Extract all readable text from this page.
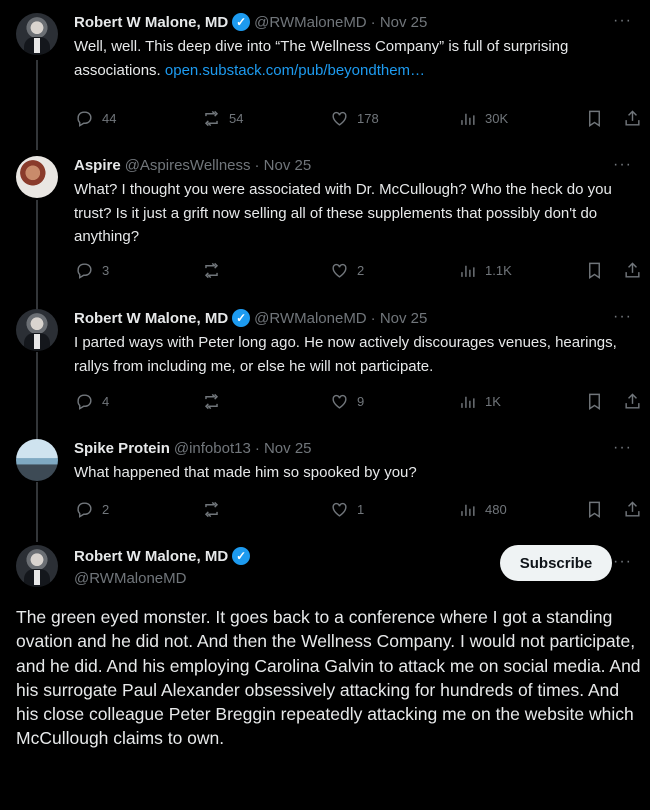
Robert W Malone, MD ✓ @RWMaloneMD · Nov 25	···
Well, well. This deep dive into “The Wellness Company” is full of surprising associations. open.substack.com/pub/beyondthem…
44	54	178	30K
Aspire @AspiresWellness · Nov 25	···
What? I thought you were associated with Dr. McCullough? Who the heck do you trust? Is it just a grift now selling all of these supplements that possibly don't do anything?
3	2	1.1K
Robert W Malone, MD ✓ @RWMaloneMD · Nov 25	···
I parted ways with Peter long ago. He now actively discourages venues, hearings, rallys from including me, or else he will not participate.
4	9	1K
Spike Protein @infobot13 · Nov 25	···
What happened that made him so spooked by you?
2	1	480
Robert W Malone, MD ✓
@RWMaloneMD
Subscribe	···
The green eyed monster. It goes back to a conference where I got a standing ovation and he did not. And then the Wellness Company. I would not participate, and he did. And his employing Carolina Galvin to attack me on social media. And his surrogate Paul Alexander obsessively attacking for hundreds of times. And his close colleague Peter Breggin repeatedly attacking me on the website which McCullough claims to own.
